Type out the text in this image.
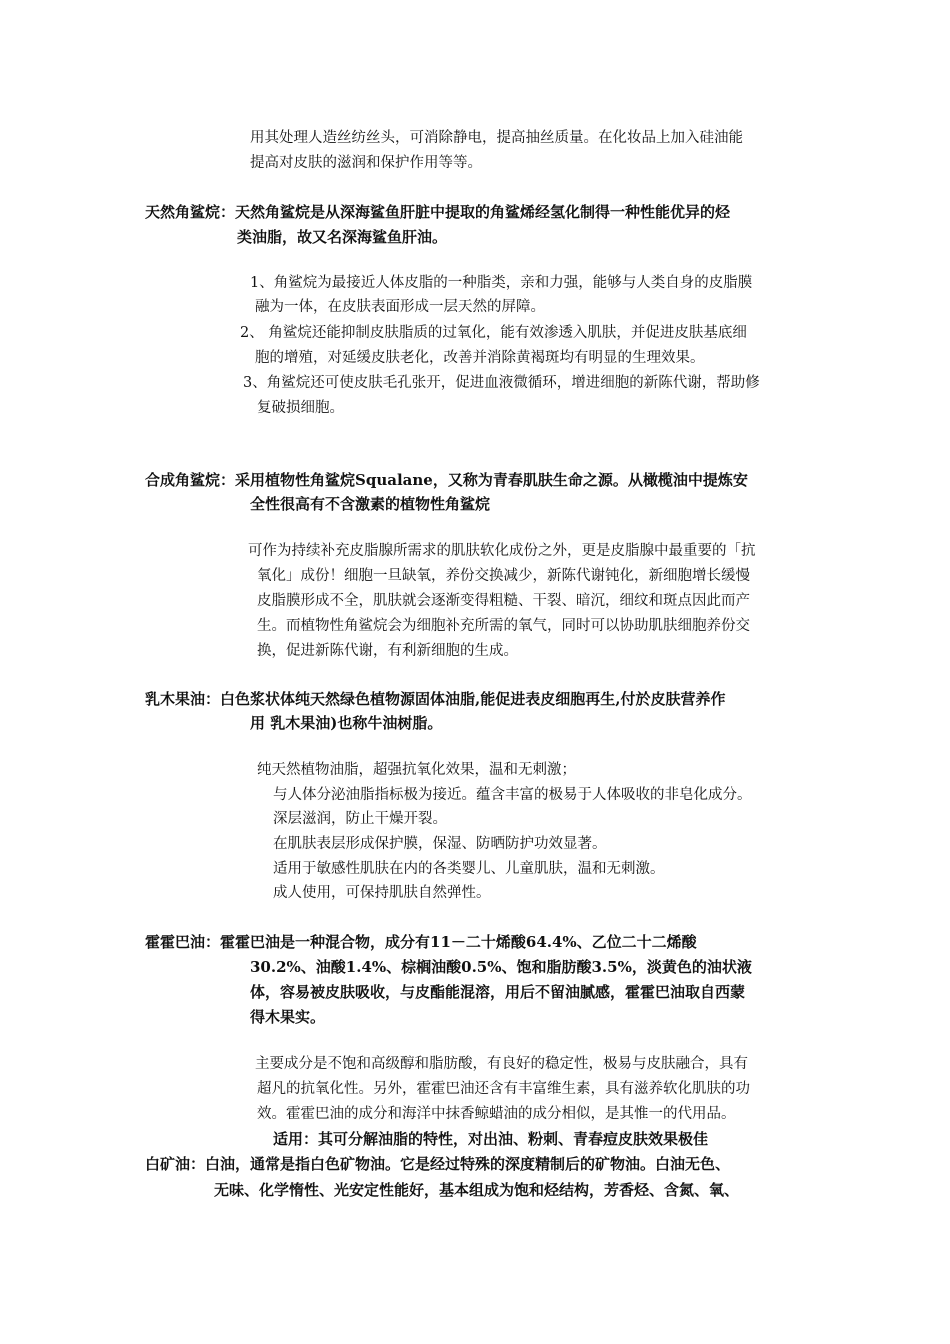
用其处理人造丝纺丝头，可消除静电，提高抽丝质量。在化妆品上加入硅油能
提高对皮肤的滋润和保护作用等等。
天然角鲨烷：天然角鲨烷是从深海鲨鱼肝脏中提取的角鲨烯经氢化制得一种性能优异的烃
类油脂，故又名深海鲨鱼肝油。
1、角鲨烷为最接近人体皮脂的一种脂类，亲和力强，能够与人类自身的皮脂膜
融为一体，在皮肤表面形成一层天然的屏障。
2、 角鲨烷还能抑制皮肤脂质的过氧化，能有效渗透入肌肤，并促进皮肤基底细
胞的增殖，对延缓皮肤老化，改善并消除黄褐斑均有明显的生理效果。
3、角鲨烷还可使皮肤毛孔张开，促进血液微循环，增进细胞的新陈代谢，帮助修
复破损细胞。
合成角鲨烷：采用植物性角鲨烷Squalane，又称为青春肌肤生命之源。从橄榄油中提炼安
全性很高有不含激素的植物性角鲨烷
可作为持续补充皮脂腺所需求的肌肤软化成份之外，更是皮脂腺中最重要的「抗
氧化」成份！细胞一旦缺氧，养份交换减少，新陈代谢钝化，新细胞增长缓慢
皮脂膜形成不全，肌肤就会逐渐变得粗糙、干裂、暗沉，细纹和斑点因此而产
生。而植物性角鲨烷会为细胞补充所需的氧气，同时可以协助肌肤细胞养份交
换，促进新陈代谢，有利新细胞的生成。
乳木果油：白色浆状体纯天然绿色植物源固体油脂,能促进表皮细胞再生,付於皮肤营养作
用 乳木果油)也称牛油树脂。
纯天然植物油脂，超强抗氧化效果，温和无刺激；
与人体分泌油脂指标极为接近。蕴含丰富的极易于人体吸收的非皂化成分。
深层滋润，防止干燥开裂。
在肌肤表层形成保护膜，保湿、防晒防护功效显著。
适用于敏感性肌肤在内的各类婴儿、儿童肌肤，温和无刺激。
成人使用，可保持肌肤自然弹性。
霍霍巴油：霍霍巴油是一种混合物，成分有11－二十烯酸64.4%、乙位二十二烯酸
30.2%、油酸1.4%、棕榈油酸0.5%、饱和脂肪酸3.5%，淡黄色的油状液
体，容易被皮肤吸收，与皮酯能混溶，用后不留油腻感，霍霍巴油取自西蒙
得木果实。
主要成分是不饱和高级醇和脂肪酸，有良好的稳定性，极易与皮肤融合，具有
超凡的抗氧化性。另外，霍霍巴油还含有丰富维生素，具有滋养软化肌肤的功
效。霍霍巴油的成分和海洋中抹香鲸蜡油的成分相似，是其惟一的代用品。
适用：其可分解油脂的特性，对出油、粉刺、青春痘皮肤效果极佳
白矿油：白油，通常是指白色矿物油。它是经过特殊的深度精制后的矿物油。白油无色、
无味、化学惰性、光安定性能好，基本组成为饱和烃结构，芳香烃、含氮、氧、
